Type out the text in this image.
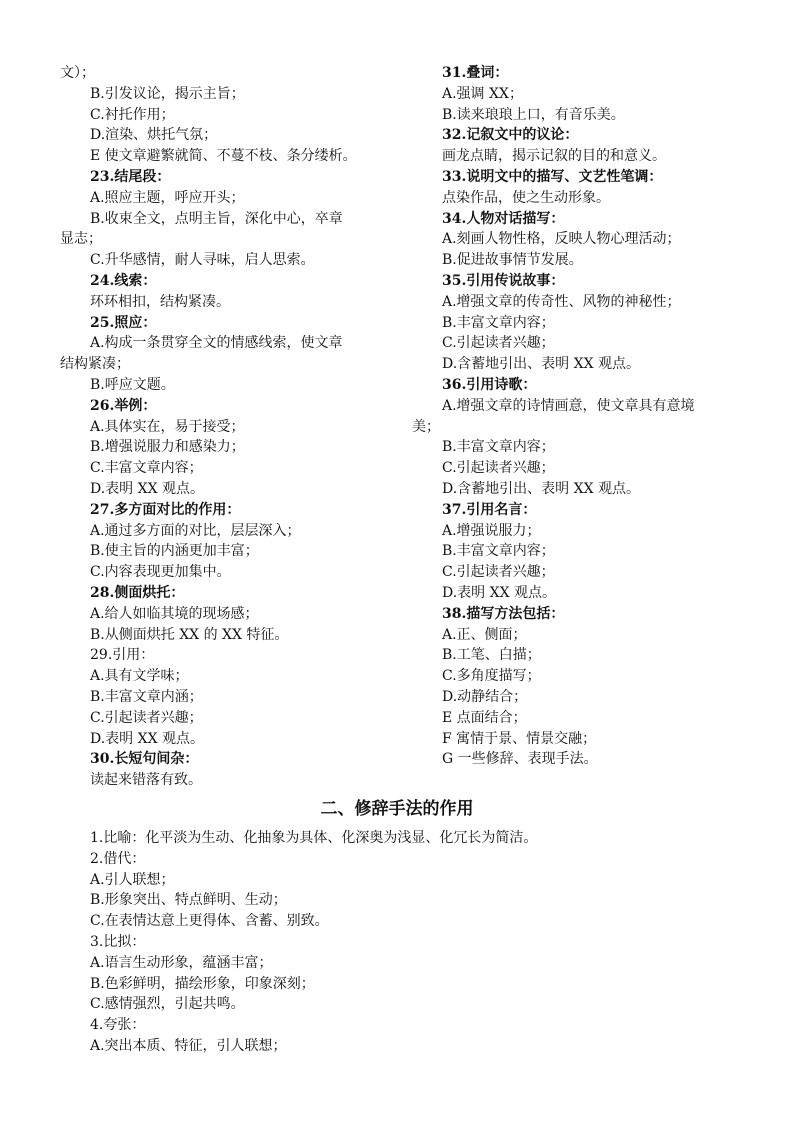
文）；
B.引发议论，揭示主旨；
C.衬托作用；
D.渲染、烘托气氛；
E 使文章避繁就简、不蔓不枝、条分缕析。
23.结尾段：
A.照应主题，呼应开头；
B.收束全文，点明主旨，深化中心，卒章
显志；
C.升华感情，耐人寻味，启人思索。
24.线索：
环环相扣，结构紧凑。
25.照应：
A.构成一条贯穿全文的情感线索，使文章
结构紧凑；
B.呼应文题。
26.举例：
A.具体实在，易于接受；
B.增强说服力和感染力；
C.丰富文章内容；
D.表明 XX 观点。
27.多方面对比的作用：
A.通过多方面的对比，层层深入；
B.使主旨的内涵更加丰富；
C.内容表现更加集中。
28.侧面烘托：
A.给人如临其境的现场感；
B.从侧面烘托 XX 的 XX 特征。
29.引用：
A.具有文学味；
B.丰富文章内涵；
C.引起读者兴趣；
D.表明 XX 观点。
30.长短句间杂：
读起来错落有致。
31.叠词：
A.强调 XX；
B.读来琅琅上口，有音乐美。
32.记叙文中的议论：
画龙点睛，揭示记叙的目的和意义。
33.说明文中的描写、文艺性笔调：
点染作品，使之生动形象。
34.人物对话描写：
A.刻画人物性格，反映人物心理活动；
B.促进故事情节发展。
35.引用传说故事：
A.增强文章的传奇性、风物的神秘性；
B.丰富文章内容；
C.引起读者兴趣；
D.含蓄地引出、表明 XX 观点。
36.引用诗歌：
A.增强文章的诗情画意，使文章具有意境
美；
B.丰富文章内容；
C.引起读者兴趣；
D.含蓄地引出、表明 XX 观点。
37.引用名言：
A.增强说服力；
B.丰富文章内容；
C.引起读者兴趣；
D.表明 XX 观点。
38.描写方法包括：
A.正、侧面；
B.工笔、白描；
C.多角度描写；
D.动静结合；
E 点面结合；
F 寓情于景、情景交融；
G 一些修辞、表现手法。
二、修辞手法的作用
1.比喻：化平淡为生动、化抽象为具体、化深奥为浅显、化冗长为简洁。
2.借代：
A.引人联想；
B.形象突出、特点鲜明、生动；
C.在表情达意上更得体、含蓄、别致。
3.比拟：
A.语言生动形象，蕴涵丰富；
B.色彩鲜明，描绘形象，印象深刻；
C.感情强烈，引起共鸣。
4.夸张：
A.突出本质、特征，引人联想；
